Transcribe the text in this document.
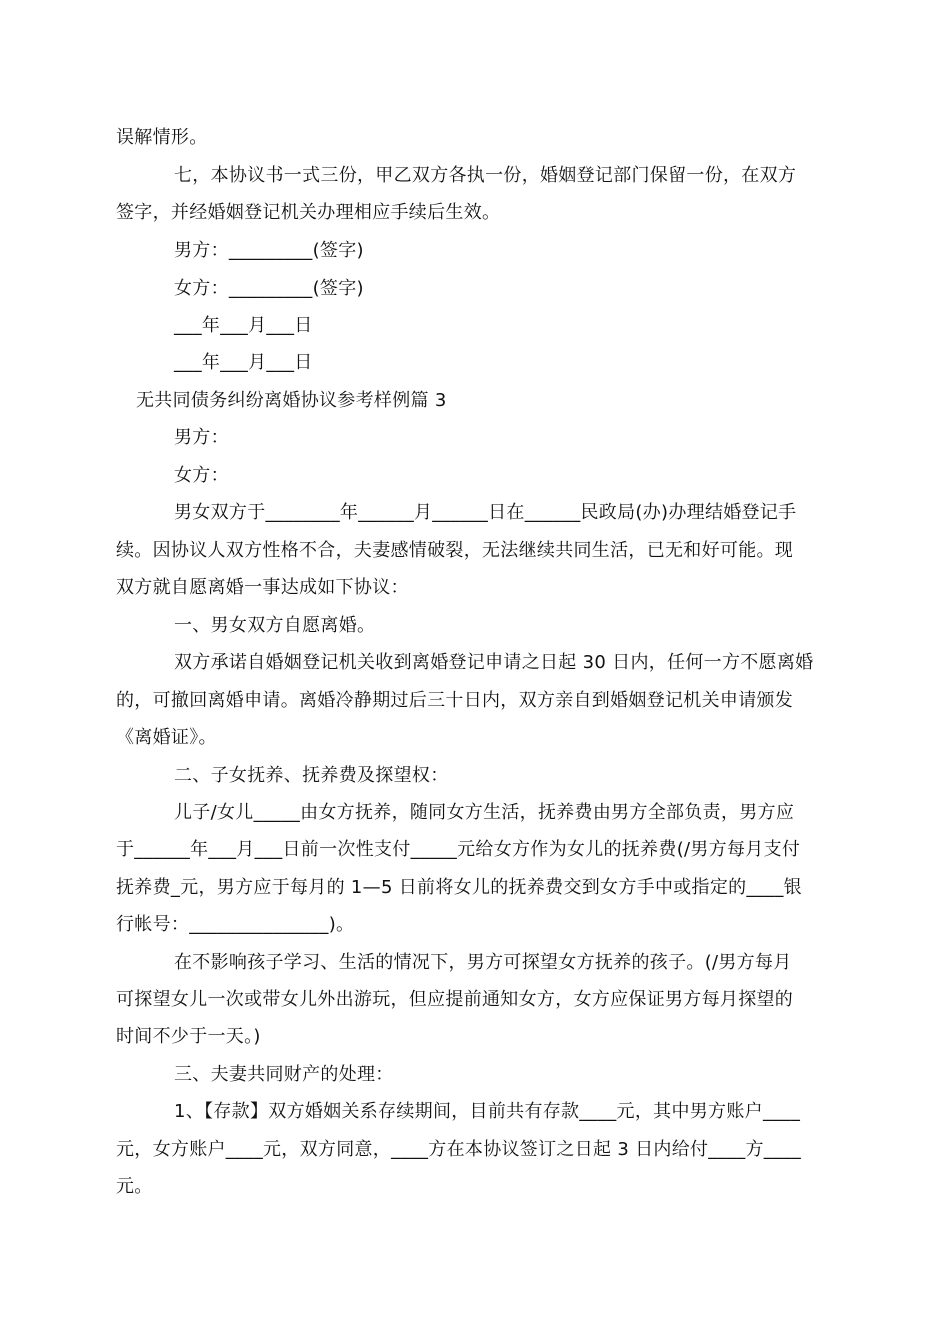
误解情形。
七，本协议书一式三份，甲乙双方各执一份，婚姻登记部门保留一份，在双方
签字，并经婚姻登记机关办理相应手续后生效。
男方：_________(签字)
女方：_________(签字)
___年___月___日
___年___月___日
无共同债务纠纷离婚协议参考样例篇 3
男方：
女方：
男女双方于________年______月______日在______民政局(办)办理结婚登记手
续。因协议人双方性格不合，夫妻感情破裂，无法继续共同生活，已无和好可能。现
双方就自愿离婚一事达成如下协议：
一、男女双方自愿离婚。
双方承诺自婚姻登记机关收到离婚登记申请之日起 30 日内，任何一方不愿离婚
的，可撤回离婚申请。离婚冷静期过后三十日内，双方亲自到婚姻登记机关申请颁发
《离婚证》。
二、子女抚养、抚养费及探望权：
儿子/女儿_____由女方抚养，随同女方生活，抚养费由男方全部负责，男方应
于______年___月___日前一次性支付_____元给女方作为女儿的抚养费(/男方每月支付
抚养费_元，男方应于每月的 1—5 日前将女儿的抚养费交到女方手中或指定的____银
行帐号：_______________)。
在不影响孩子学习、生活的情况下，男方可探望女方抚养的孩子。(/男方每月
可探望女儿一次或带女儿外出游玩，但应提前通知女方，女方应保证男方每月探望的
时间不少于一天。)
三、夫妻共同财产的处理：
1、【存款】双方婚姻关系存续期间，目前共有存款____元，其中男方账户____
元，女方账户____元，双方同意，____方在本协议签订之日起 3 日内给付____方____
元。
